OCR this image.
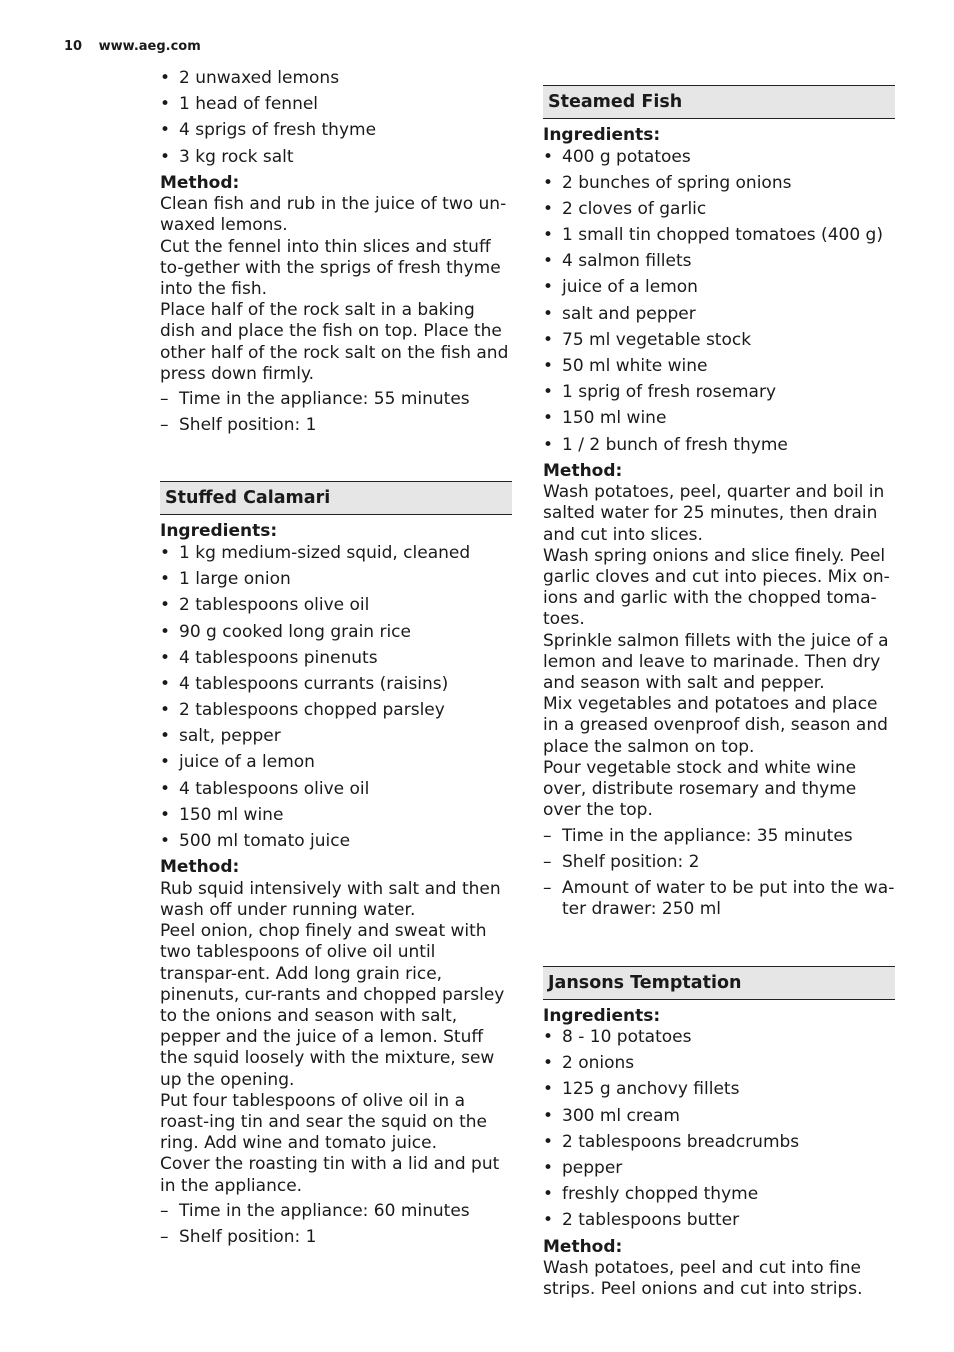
10 www.aeg.com
• 2 unwaxed lemons
• 1 head of fennel
• 4 sprigs of fresh thyme
• 3 kg rock salt
Method:

Clean fish and rub in the juice of two un-waxed lemons.

Cut the fennel into thin slices and stuff to-gether with the sprigs of fresh thyme into the fish.

Place half of the rock salt in a baking dish and place the fish on top. Place the other half of the rock salt on the fish and press down firmly.

– Time in the appliance: 55 minutes
– Shelf position: 1
Stuffed Calamari
Ingredients:
• 1 kg medium-sized squid, cleaned
• 1 large onion
• 2 tablespoons olive oil
• 90 g cooked long grain rice
• 4 tablespoons pinenuts
• 4 tablespoons currants (raisins)
• 2 tablespoons chopped parsley
• salt, pepper
• juice of a lemon
• 4 tablespoons olive oil
• 150 ml wine
• 500 ml tomato juice
Method:

Rub squid intensively with salt and then wash off under running water.

Peel onion, chop finely and sweat with two tablespoons of olive oil until transpar-ent. Add long grain rice, pinenuts, cur-rants and chopped parsley to the onions and season with salt, pepper and the juice of a lemon. Stuff the squid loosely with the mixture, sew up the opening.

Put four tablespoons of olive oil in a roast-ing tin and sear the squid on the ring. Add wine and tomato juice.

Cover the roasting tin with a lid and put in the appliance.

– Time in the appliance: 60 minutes
– Shelf position: 1
Steamed Fish
Ingredients:
• 400 g potatoes
• 2 bunches of spring onions
• 2 cloves of garlic
• 1 small tin chopped tomatoes (400 g)
• 4 salmon fillets
• juice of a lemon
• salt and pepper
• 75 ml vegetable stock
• 50 ml white wine
• 1 sprig of fresh rosemary
• 150 ml wine
• 1 / 2 bunch of fresh thyme
Method:

Wash potatoes, peel, quarter and boil in salted water for 25 minutes, then drain and cut into slices.

Wash spring onions and slice finely. Peel garlic cloves and cut into pieces. Mix on-ions and garlic with the chopped toma-toes.

Sprinkle salmon fillets with the juice of a lemon and leave to marinade. Then dry and season with salt and pepper.

Mix vegetables and potatoes and place in a greased ovenproof dish, season and place the salmon on top.

Pour vegetable stock and white wine over, distribute rosemary and thyme over the top.

– Time in the appliance: 35 minutes
– Shelf position: 2
– Amount of water to be put into the wa-ter drawer: 250 ml
Jansons Temptation
Ingredients:
• 8 - 10 potatoes
• 2 onions
• 125 g anchovy fillets
• 300 ml cream
• 2 tablespoons breadcrumbs
• pepper
• freshly chopped thyme
• 2 tablespoons butter
Method:

Wash potatoes, peel and cut into fine strips. Peel onions and cut into strips.
